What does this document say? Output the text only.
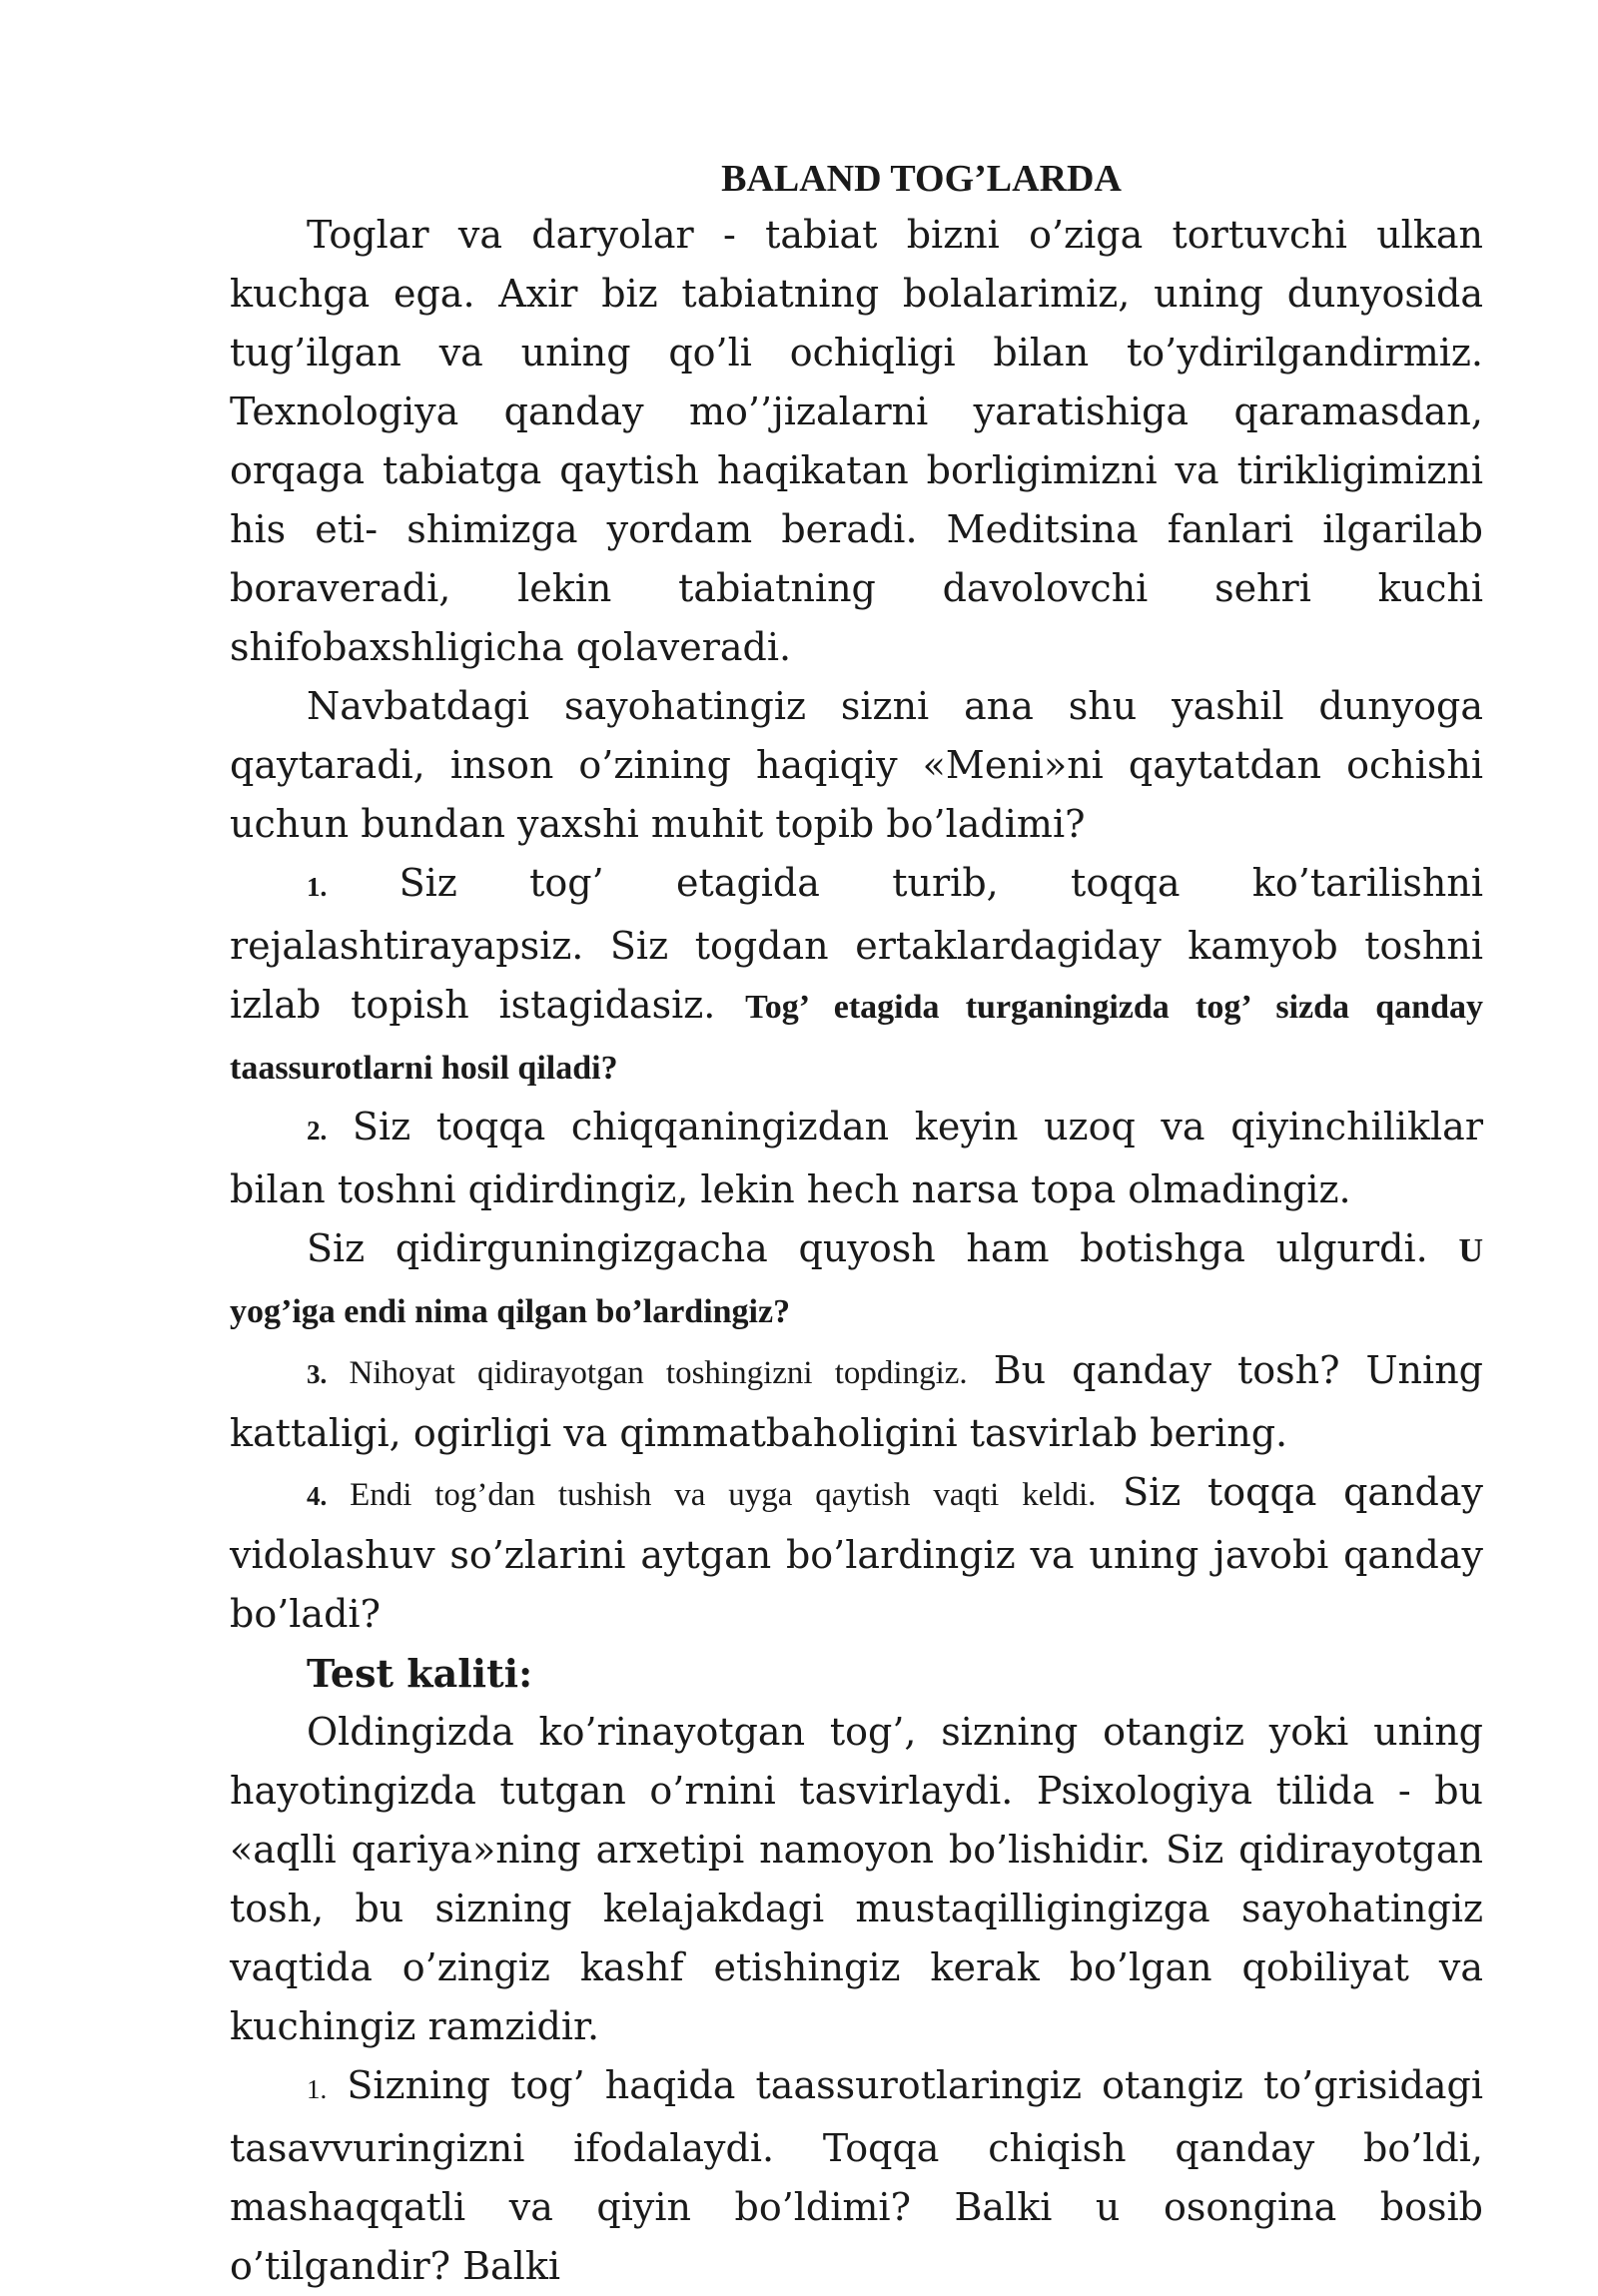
BALAND TOG’LARDA

Toglar va daryolar - tabiat bizni o’ziga tortuvchi ulkan kuchga ega. Axir biz tabiatning bolalarimiz, uning dunyosida tug’ilgan va uning qo’li ochiqligi bilan to’ydirilgandirmiz. Texnologiya qanday mo’’jizalarni yaratishiga qaramasdan, orqaga tabiatga qaytish haqikatan borligimizni va tirikligimizni his eti- shimizga yordam beradi. Meditsina fanlari ilgarilab boraveradi, lekin tabiatning davolovchi sehri kuchi shifobaxshligicha qolaveradi.

Navbatdagi sayohatingiz sizni ana shu yashil dunyoga qaytaradi, inson o’zining haqiqiy «Meni»ni qaytatdan ochishi uchun bundan yaxshi muhit topib bo’ladimi?

1. Siz tog’ etagida turib, toqqa ko’tarilishni rejalashtirayapsiz. Siz togdan ertaklardagiday kamyob toshni izlab topish istagidasiz. Tog’ etagida turganingizda tog’ sizda qanday taassurotlarni hosil qiladi?

2. Siz toqqa chiqqaningizdan keyin uzoq va qiyinchiliklar bilan toshni qidirdingiz, lekin hech narsa topa olmadingiz.

Siz qidirguningizgacha quyosh ham botishga ulgurdi. U yog’iga endi nima qilgan bo’lardingiz?

3. Nihoyat qidirayotgan toshingizni topdingiz. Bu qanday tosh? Uning kattaligi, ogirligi va qimmatbaholigini tasvirlab bering.

4. Endi tog’dan tushish va uyga qaytish vaqti keldi. Siz toqqa qanday vidolashuv so’zlarini aytgan bo’lardingiz va uning javobi qanday bo’ladi?

Test kaliti:

Oldingizda ko’rinayotgan tog’, sizning otangiz yoki uning hayotingizda tutgan o’rnini tasvirlaydi. Psixologiya tilida - bu «aqlli qariya»ning arxetipi namoyon bo’lishidir. Siz qidirayotgan tosh, bu sizning kelajakdagi mustaqilligingizga sayohatingiz vaqtida o’zingiz kashf etishingiz kerak bo’lgan qobiliyat va kuchingiz ramzidir.

1. Sizning tog’ haqida taassurotlaringiz otangiz to’grisidagi tasavvuringizni ifodalaydi. Toqqa chiqish qanday bo’ldi, mashaqqatli va qiyin bo’ldimi? Balki u osongina bosib o’tilgandir? Balki
